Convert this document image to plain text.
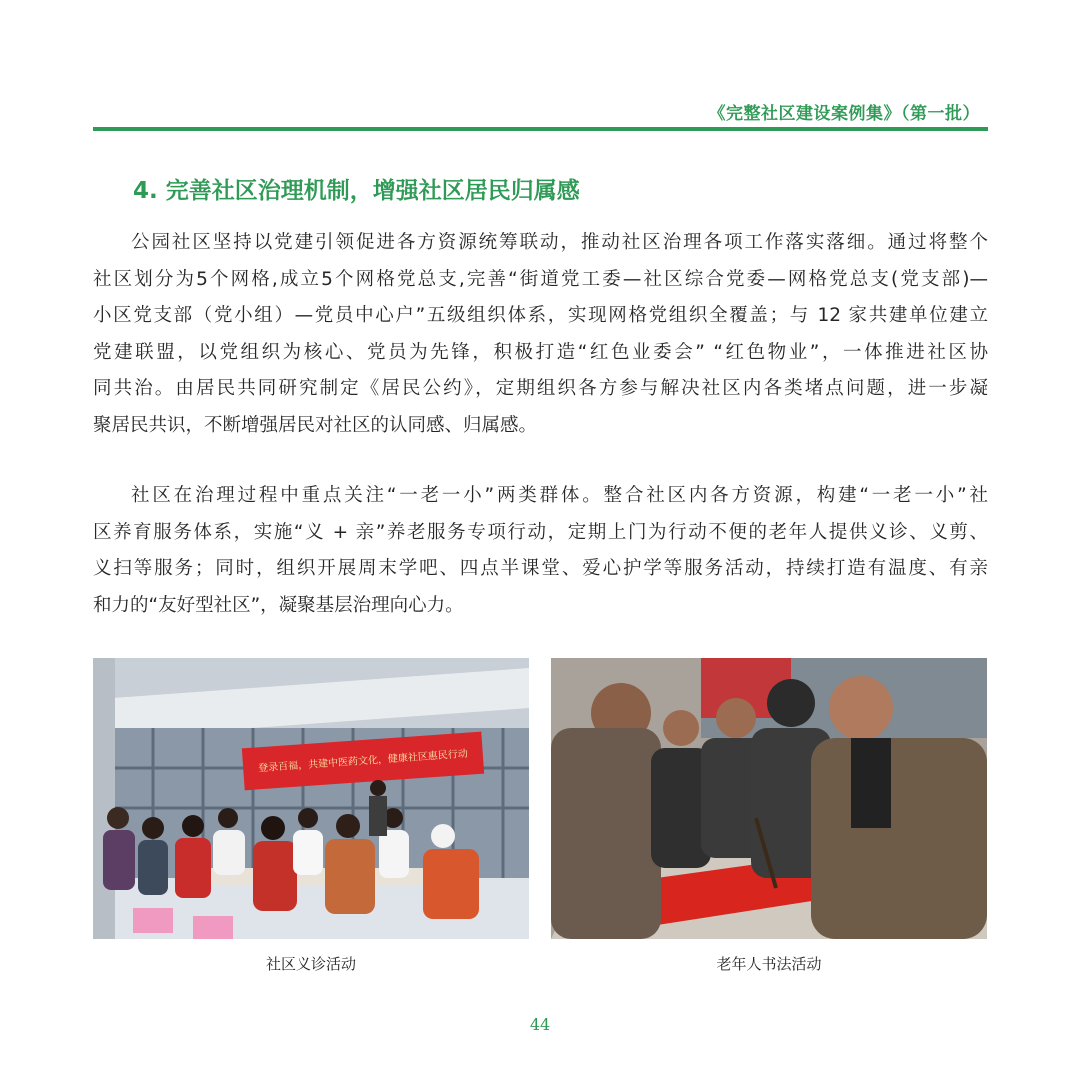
《完整社区建设案例集》（第一批）
4. 完善社区治理机制，增强社区居民归属感
公园社区坚持以党建引领促进各方资源统筹联动，推动社区治理各项工作落实落细。通过将整个
社区划分为5个网格,成立5个网格党总支,完善“街道党工委—社区综合党委—网格党总支(党支部)—
小区党支部（党小组）—党员中心户”五级组织体系，实现网格党组织全覆盖；与 12 家共建单位建立
党建联盟，以党组织为核心、党员为先锋，积极打造“红色业委会” “红色物业”，一体推进社区协
同共治。由居民共同研究制定《居民公约》，定期组织各方参与解决社区内各类堵点问题，进一步凝
聚居民共识，不断增强居民对社区的认同感、归属感。
社区在治理过程中重点关注“一老一小”两类群体。整合社区内各方资源，构建“一老一小”社
区养育服务体系，实施“义 + 亲”养老服务专项行动，定期上门为行动不便的老年人提供义诊、义剪、
义扫等服务；同时，组织开展周末学吧、四点半课堂、爱心护学等服务活动，持续打造有温度、有亲
和力的“友好型社区”，凝聚基层治理向心力。
登录百福，共建中医药文化，健康社区惠民行动
社区义诊活动	老年人书法活动
44
